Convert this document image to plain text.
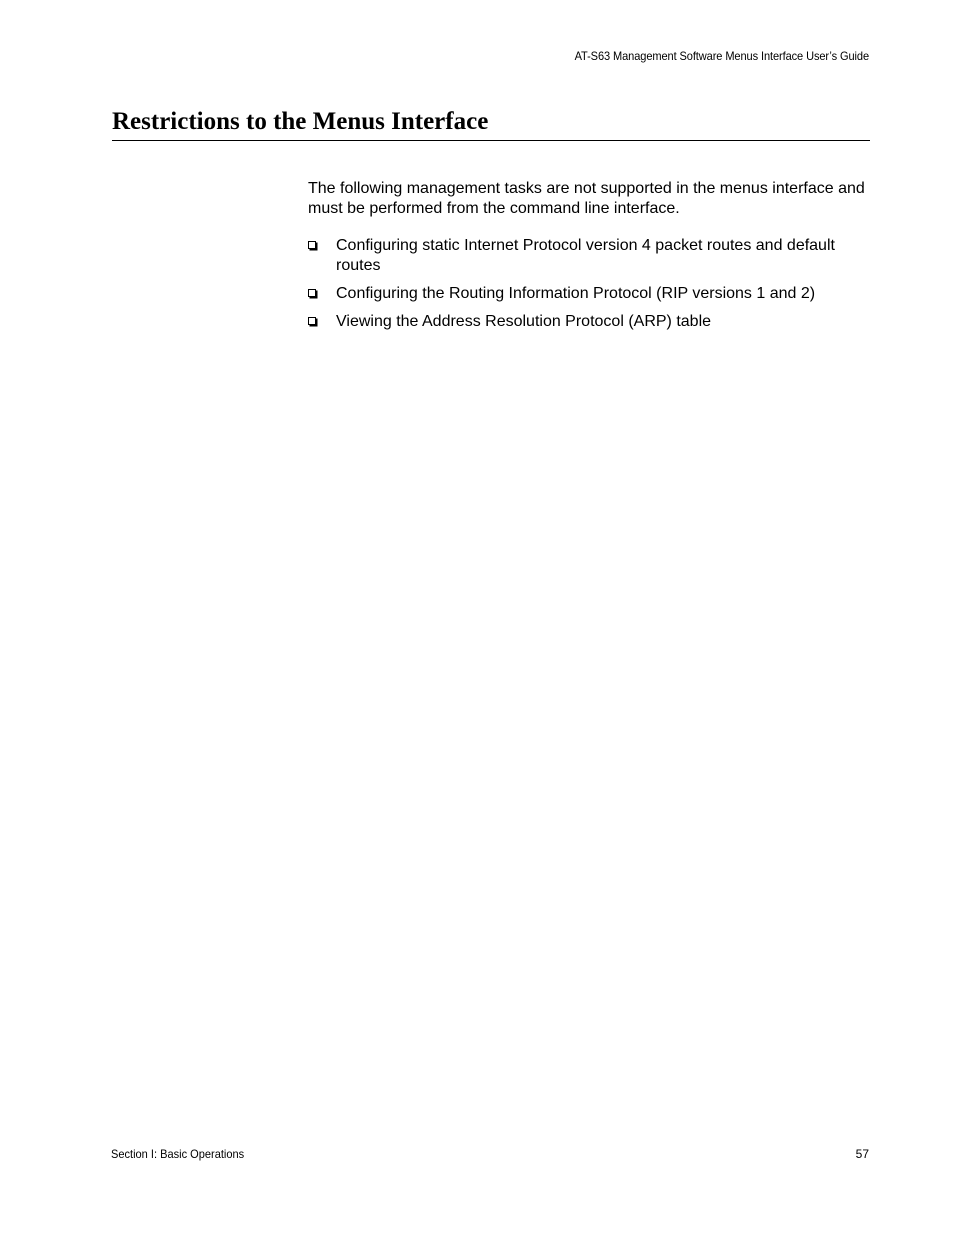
AT-S63 Management Software Menus Interface User’s Guide
Restrictions to the Menus Interface

The following management tasks are not supported in the menus interface and must be performed from the command line interface.

Configuring static Internet Protocol version 4 packet routes and default routes
Configuring the Routing Information Protocol (RIP versions 1 and 2)
Viewing the Address Resolution Protocol (ARP) table
Section I: Basic Operations	57
